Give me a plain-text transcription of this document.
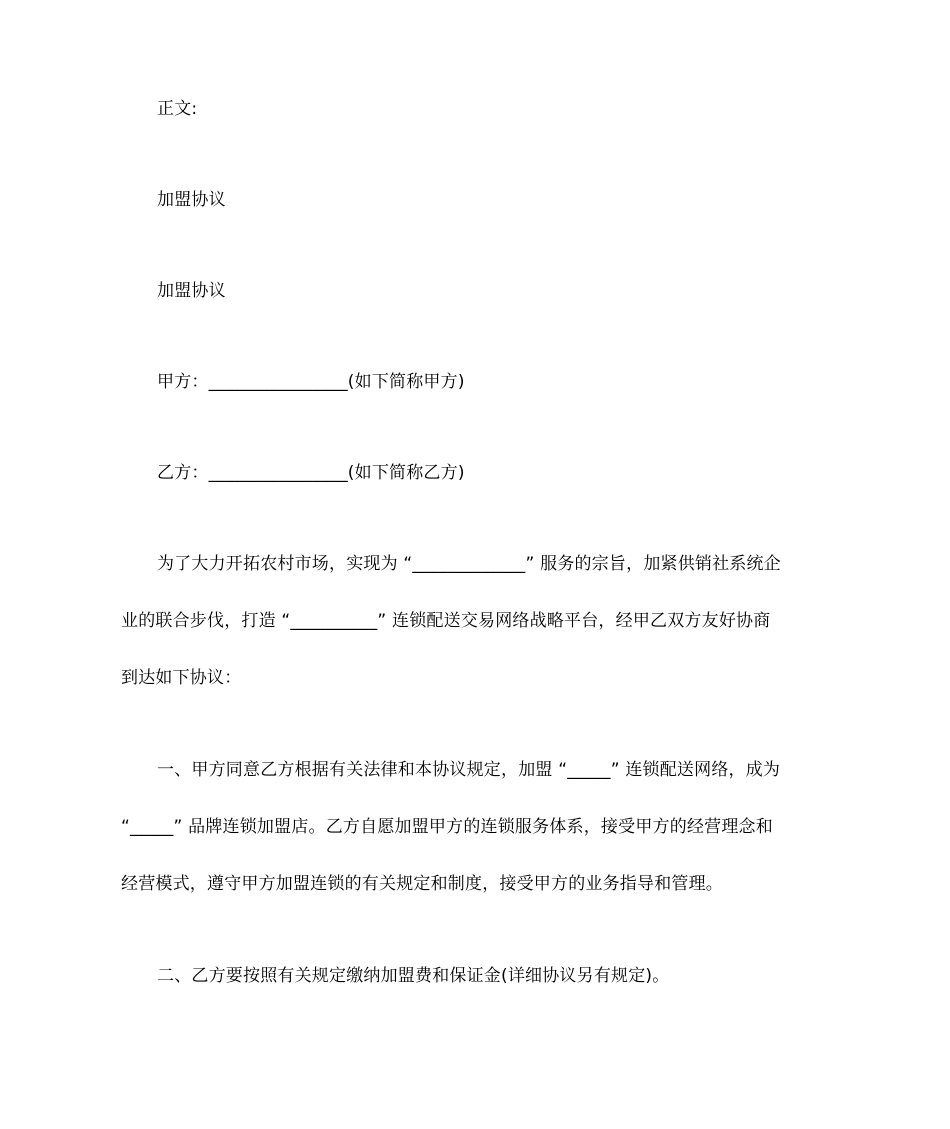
正文:
加盟协议
加盟协议
甲方：________________(如下简称甲方)
乙方：________________(如下简称乙方)
为了大力开拓农村市场，实现为 “_____________” 服务的宗旨，加紧供销社系统企
业的联合步伐，打造 “__________” 连锁配送交易网络战略平台，经甲乙双方友好协商
到达如下协议：
一、甲方同意乙方根据有关法律和本协议规定，加盟 “_____” 连锁配送网络，成为
“_____” 品牌连锁加盟店。乙方自愿加盟甲方的连锁服务体系，接受甲方的经营理念和
经营模式，遵守甲方加盟连锁的有关规定和制度，接受甲方的业务指导和管理。
二、乙方要按照有关规定缴纳加盟费和保证金(详细协议另有规定)。
